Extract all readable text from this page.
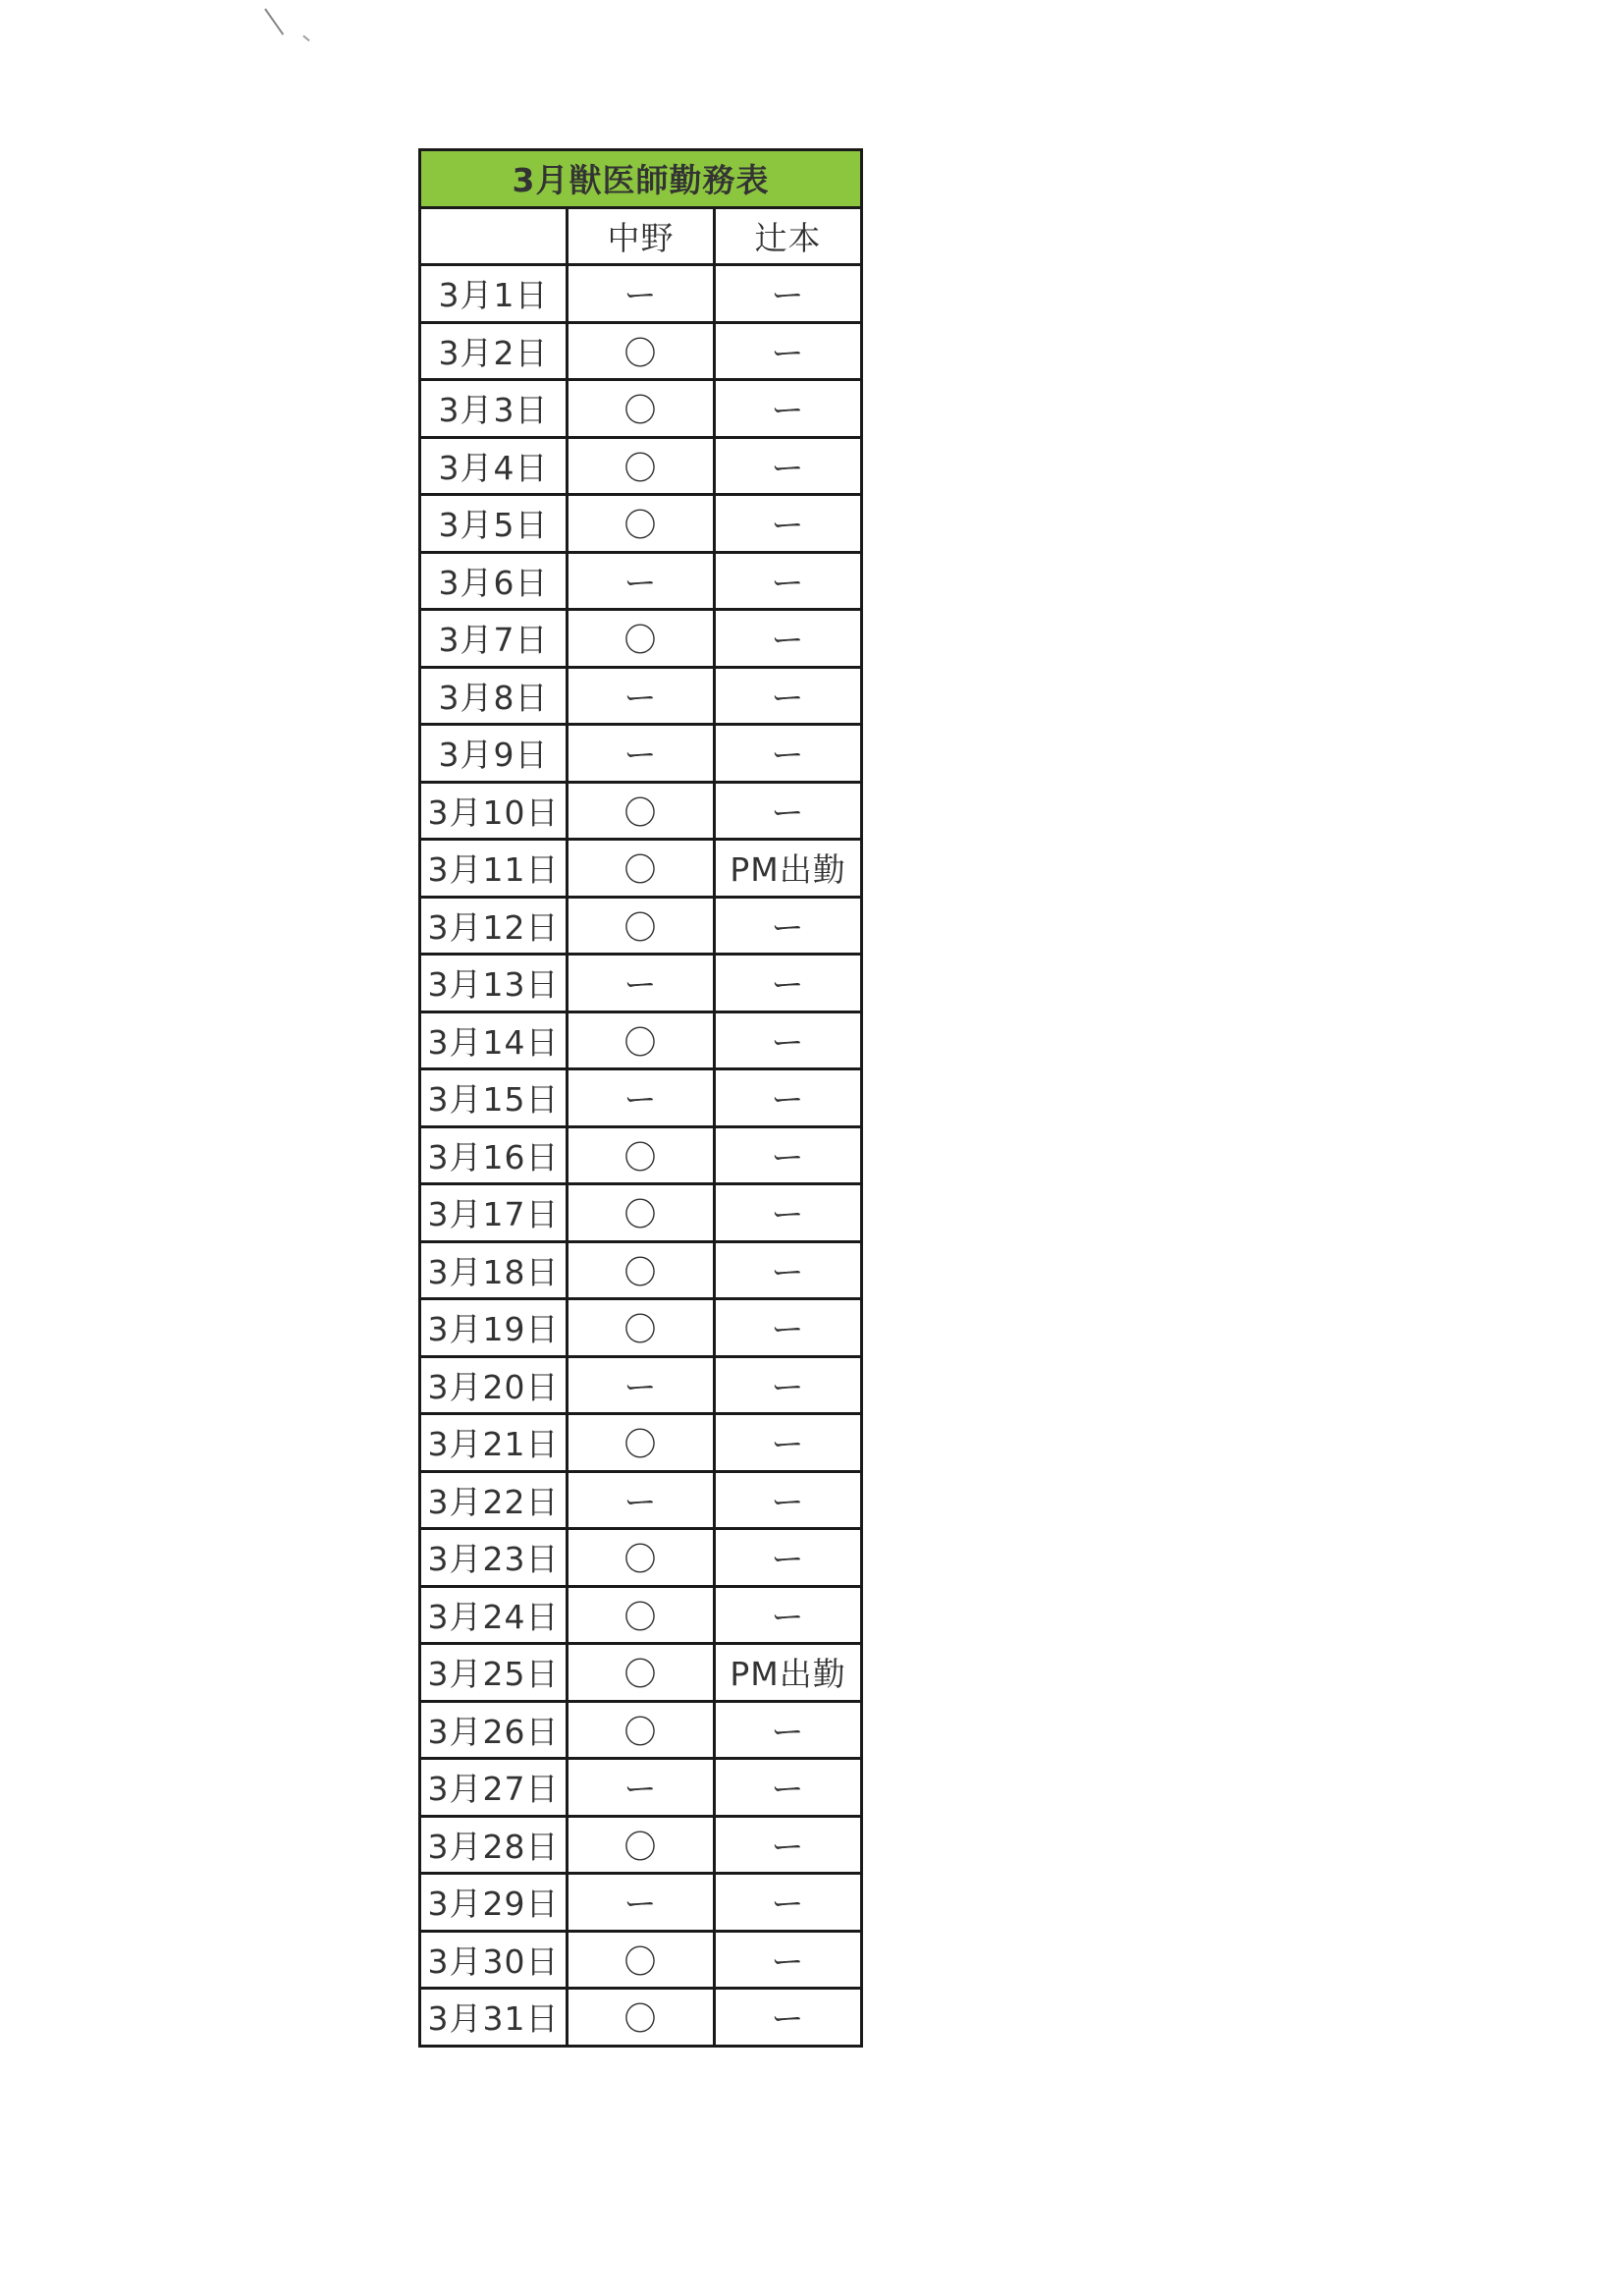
3月獣医師勤務表		
	中野	辻本
3月1日	ー	ー
3月2日	〇	ー
3月3日	〇	ー
3月4日	〇	ー
3月5日	〇	ー
3月6日	ー	ー
3月7日	〇	ー
3月8日	ー	ー
3月9日	ー	ー
3月10日	〇	ー
3月11日	〇	PM出勤
3月12日	〇	ー
3月13日	ー	ー
3月14日	〇	ー
3月15日	ー	ー
3月16日	〇	ー
3月17日	〇	ー
3月18日	〇	ー
3月19日	〇	ー
3月20日	ー	ー
3月21日	〇	ー
3月22日	ー	ー
3月23日	〇	ー
3月24日	〇	ー
3月25日	〇	PM出勤
3月26日	〇	ー
3月27日	ー	ー
3月28日	〇	ー
3月29日	ー	ー
3月30日	〇	ー
3月31日	〇	ー
